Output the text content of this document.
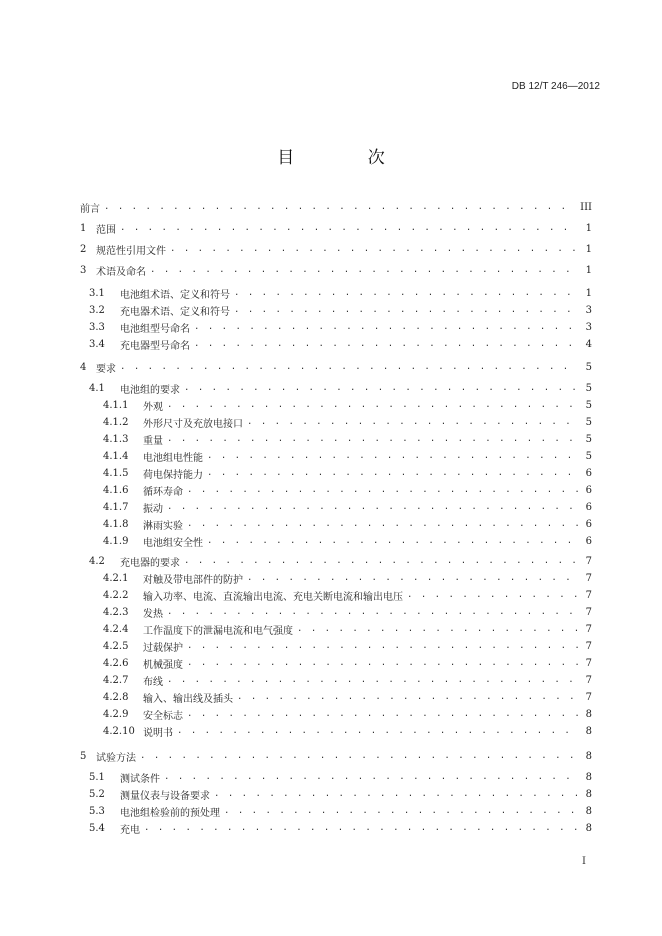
DB 12/T 246—2012
目 次
前言 . . .	III
1 范围 . . .	1
2 规范性引用文件 . . .	1
3 术语及命名 . . .	1
3.1	电池组术语、定义和符号 . . .	1
3.2	充电器术语、定义和符号 . . .	3
3.3	电池组型号命名 . . .	3
3.4	充电器型号命名 . . .	4
4 要求 . . .	5
4.1	电池组的要求 . . .	5
4.1.1	外观 . . .	5
4.1.2	外形尺寸及充放电接口 . . .	5
4.1.3	重量 . . .	5
4.1.4	电池组电性能 . . .	5
4.1.5	荷电保持能力 . . .	6
4.1.6	循环寿命 . . .	6
4.1.7	振动 . . .	6
4.1.8	淋雨实验 . . .	6
4.1.9	电池组安全性 . . .	6
4.2	充电器的要求 . . .	7
4.2.1	对触及带电部件的防护 . . .	7
4.2.2	输入功率、电流、直流输出电流、充电关断电流和输出电压 . . .	7
4.2.3	发热 . . .	7
4.2.4	工作温度下的泄漏电流和电气强度 . . .	7
4.2.5	过载保护 . . .	7
4.2.6	机械强度 . . .	7
4.2.7	布线 . . .	7
4.2.8	输入、输出线及插头 . . .	7
4.2.9	安全标志 . . .	8
4.2.10 说明书 . . .	8
5 试验方法 . . .	8
5.1	测试条件 . . .	8
5.2	测量仪表与设备要求 . . .	8
5.3	电池组检验前的预处理 . . .	8
5.4	充电 . . .	8
I
